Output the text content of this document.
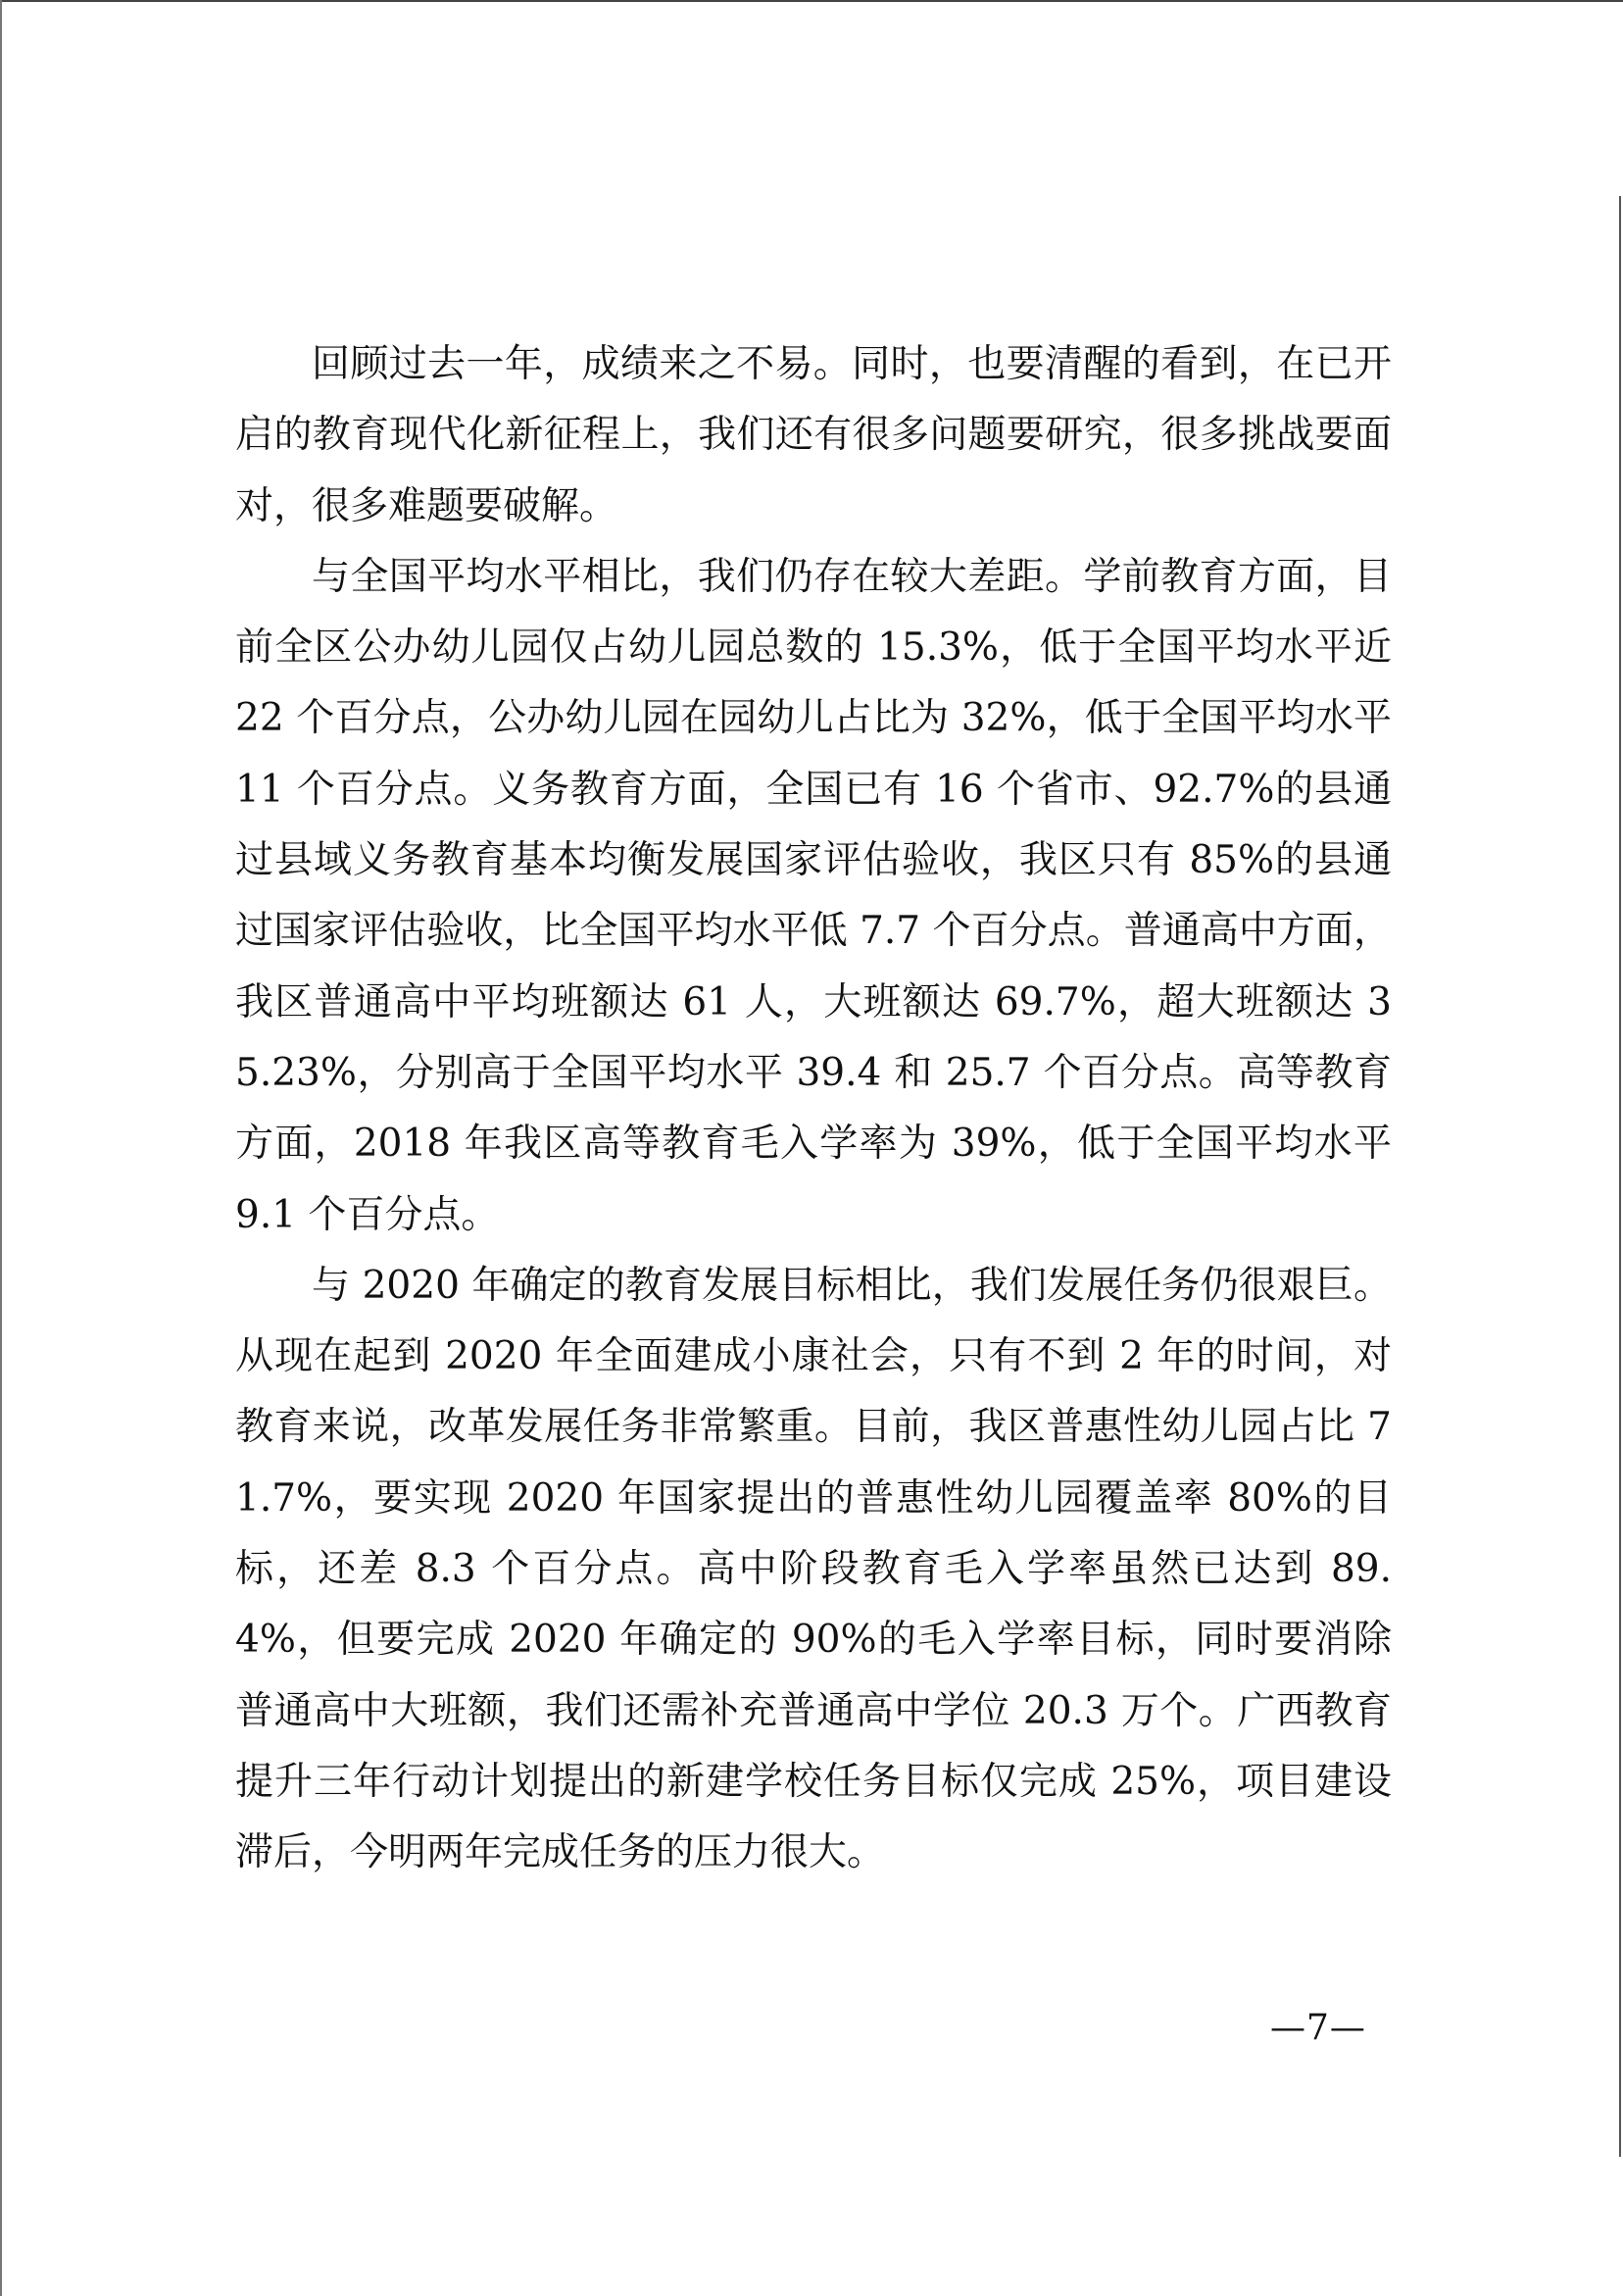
回顾过去一年，成绩来之不易。同时，也要清醒的看到，在已开启的教育现代化新征程上，我们还有很多问题要研究，很多挑战要面对，很多难题要破解。

与全国平均水平相比，我们仍存在较大差距。学前教育方面，目前全区公办幼儿园仅占幼儿园总数的 15.3%，低于全国平均水平近 22 个百分点，公办幼儿园在园幼儿占比为 32%，低于全国平均水平 11 个百分点。义务教育方面，全国已有 16 个省市、92.7%的县通过县域义务教育基本均衡发展国家评估验收，我区只有 85%的县通过国家评估验收，比全国平均水平低 7.7 个百分点。普通高中方面，我区普通高中平均班额达 61 人，大班额达 69.7%，超大班额达 35.23%，分别高于全国平均水平 39.4 和 25.7 个百分点。高等教育方面，2018 年我区高等教育毛入学率为 39%，低于全国平均水平 9.1 个百分点。

与 2020 年确定的教育发展目标相比，我们发展任务仍很艰巨。从现在起到 2020 年全面建成小康社会，只有不到 2 年的时间，对教育来说，改革发展任务非常繁重。目前，我区普惠性幼儿园占比 71.7%，要实现 2020 年国家提出的普惠性幼儿园覆盖率 80%的目标，还差 8.3 个百分点。高中阶段教育毛入学率虽然已达到 89.4%，但要完成 2020 年确定的 90%的毛入学率目标，同时要消除普通高中大班额，我们还需补充普通高中学位 20.3 万个。广西教育提升三年行动计划提出的新建学校任务目标仅完成 25%，项目建设滞后，今明两年完成任务的压力很大。

—7—
